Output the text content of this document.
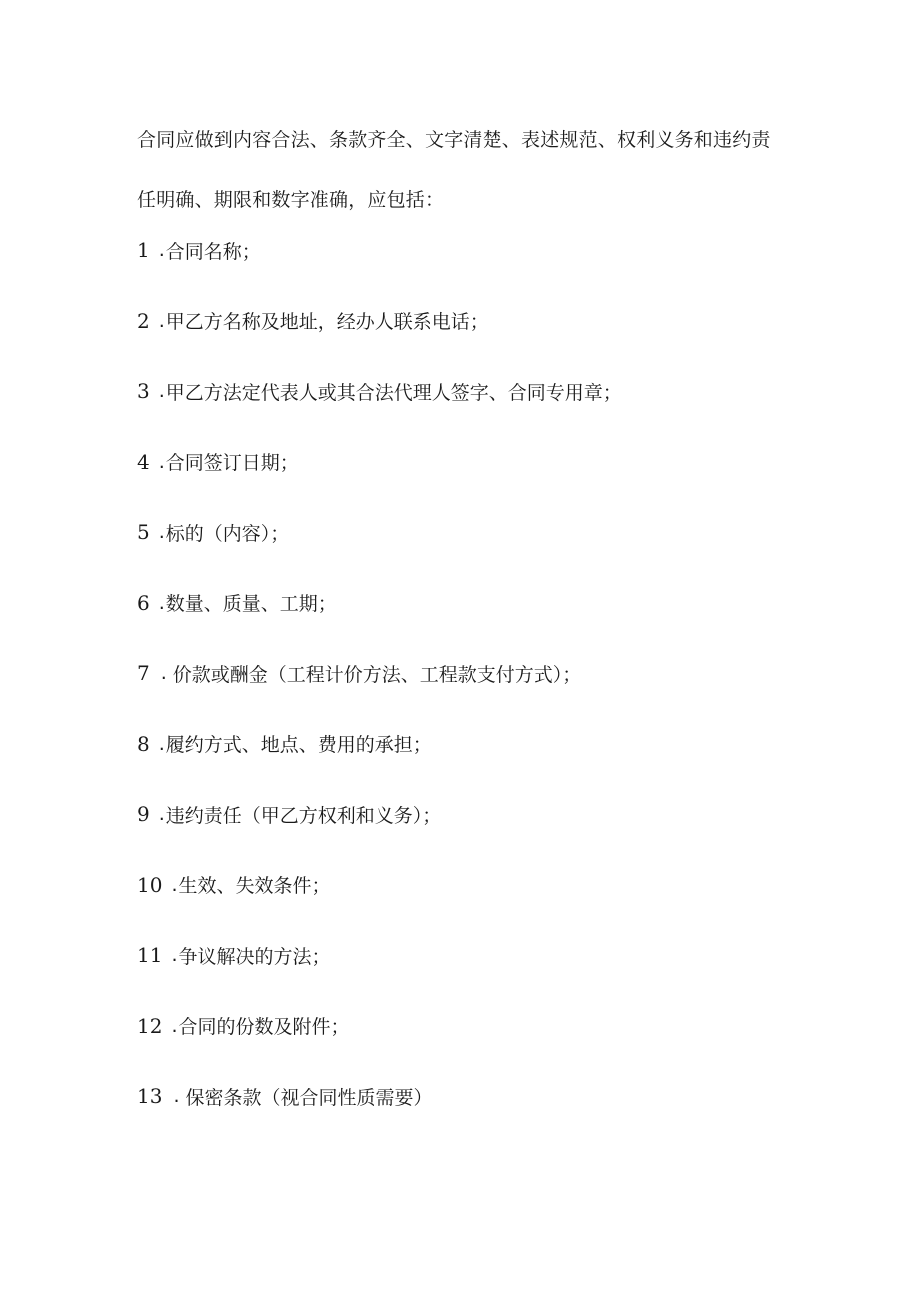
合同应做到内容合法、条款齐全、文字清楚、表述规范、权利义务和违约责任明确、期限和数字准确，应包括：

1 . 合同名称；
2 . 甲乙方名称及地址，经办人联系电话；
3 . 甲乙方法定代表人或其合法代理人签字、合同专用章；
4 . 合同签订日期；
5 . 标的（内容）；
6 . 数量、质量、工期；
7 . 价款或酬金（工程计价方法、工程款支付方式）；
8 . 履约方式、地点、费用的承担；
9 . 违约责任（甲乙方权利和义务）；
10 . 生效、失效条件；
11 . 争议解决的方法；
12 . 合同的份数及附件；
13 . 保密条款（视合同性质需要）
